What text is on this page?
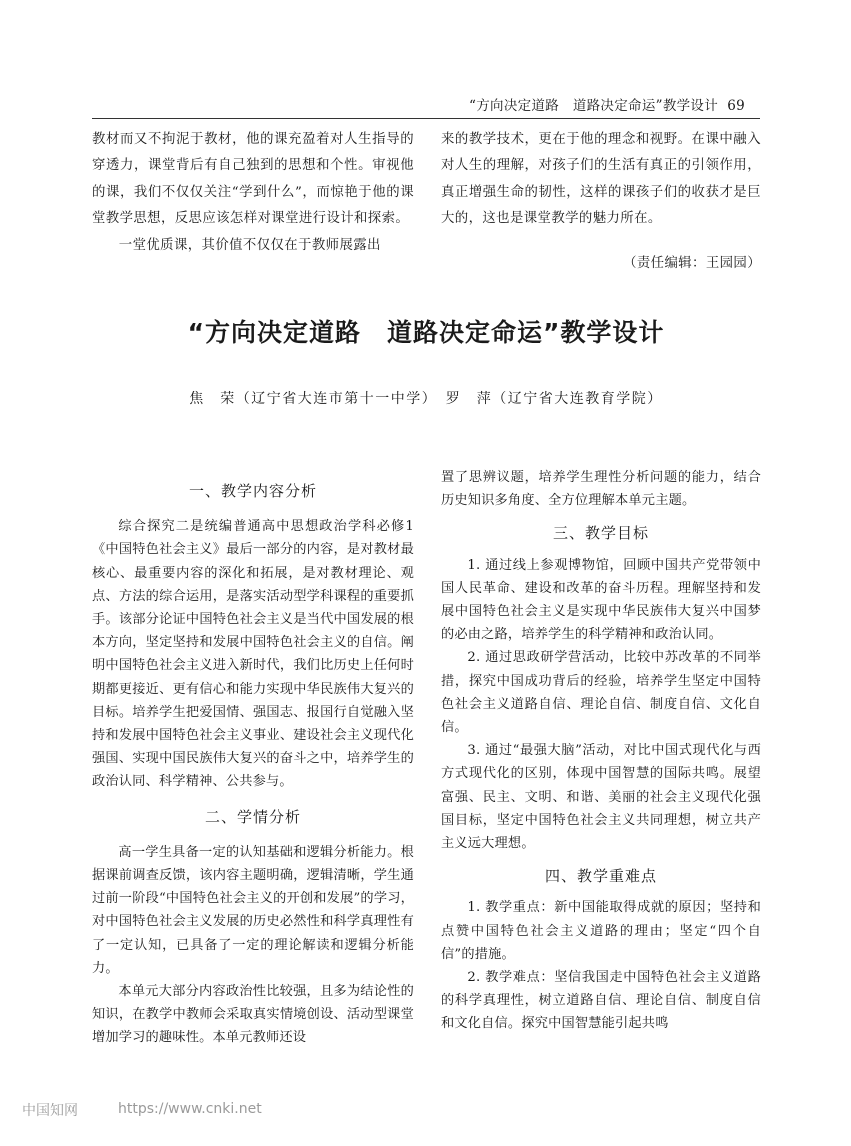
“方向决定道路　道路决定命运”教学设计 69

教材而又不拘泥于教材，他的课充盈着对人生指导的穿透力，课堂背后有自己独到的思想和个性。审视他的课，我们不仅仅关注“学到什么”，而惊艳于他的课堂教学思想，反思应该怎样对课堂进行设计和探索。

一堂优质课，其价值不仅仅在于教师展露出

来的教学技术，更在于他的理念和视野。在课中融入对人生的理解，对孩子们的生活有真正的引领作用，真正增强生命的韧性，这样的课孩子们的收获才是巨大的，这也是课堂教学的魅力所在。

（责任编辑：王园园）

“方向决定道路　道路决定命运”教学设计
焦　荣（辽宁省大连市第十一中学）　罗　萍（辽宁省大连教育学院）
一、教学内容分析

综合探究二是统编普通高中思想政治学科必修1《中国特色社会主义》最后一部分的内容，是对教材最核心、最重要内容的深化和拓展，是对教材理论、观点、方法的综合运用，是落实活动型学科课程的重要抓手。该部分论证中国特色社会主义是当代中国发展的根本方向，坚定坚持和发展中国特色社会主义的自信。阐明中国特色社会主义进入新时代，我们比历史上任何时期都更接近、更有信心和能力实现中华民族伟大复兴的目标。培养学生把爱国情、强国志、报国行自觉融入坚持和发展中国特色社会主义事业、建设社会主义现代化强国、实现中国民族伟大复兴的奋斗之中，培养学生的政治认同、科学精神、公共参与。

二、学情分析

高一学生具备一定的认知基础和逻辑分析能力。根据课前调查反馈，该内容主题明确，逻辑清晰，学生通过前一阶段“中国特色社会主义的开创和发展”的学习，对中国特色社会主义发展的历史必然性和科学真理性有了一定认知，已具备了一定的理论解读和逻辑分析能力。

本单元大部分内容政治性比较强，且多为结论性的知识，在教学中教师会采取真实情境创设、活动型课堂增加学习的趣味性。本单元教师还设

置了思辨议题，培养学生理性分析问题的能力，结合历史知识多角度、全方位理解本单元主题。

三、教学目标

1. 通过线上参观博物馆，回顾中国共产党带领中国人民革命、建设和改革的奋斗历程。理解坚持和发展中国特色社会主义是实现中华民族伟大复兴中国梦的必由之路，培养学生的科学精神和政治认同。

2. 通过思政研学营活动，比较中苏改革的不同举措，探究中国成功背后的经验，培养学生坚定中国特色社会主义道路自信、理论自信、制度自信、文化自信。

3. 通过“最强大脑”活动，对比中国式现代化与西方式现代化的区别，体现中国智慧的国际共鸣。展望富强、民主、文明、和谐、美丽的社会主义现代化强国目标，坚定中国特色社会主义共同理想，树立共产主义远大理想。

四、教学重难点

1. 教学重点：新中国能取得成就的原因；坚持和点赞中国特色社会主义道路的理由；坚定“四个自信”的措施。

2. 教学难点：坚信我国走中国特色社会主义道路的科学真理性，树立道路自信、理论自信、制度自信和文化自信。探究中国智慧能引起共鸣

中国知网	https://www.cnki.net
